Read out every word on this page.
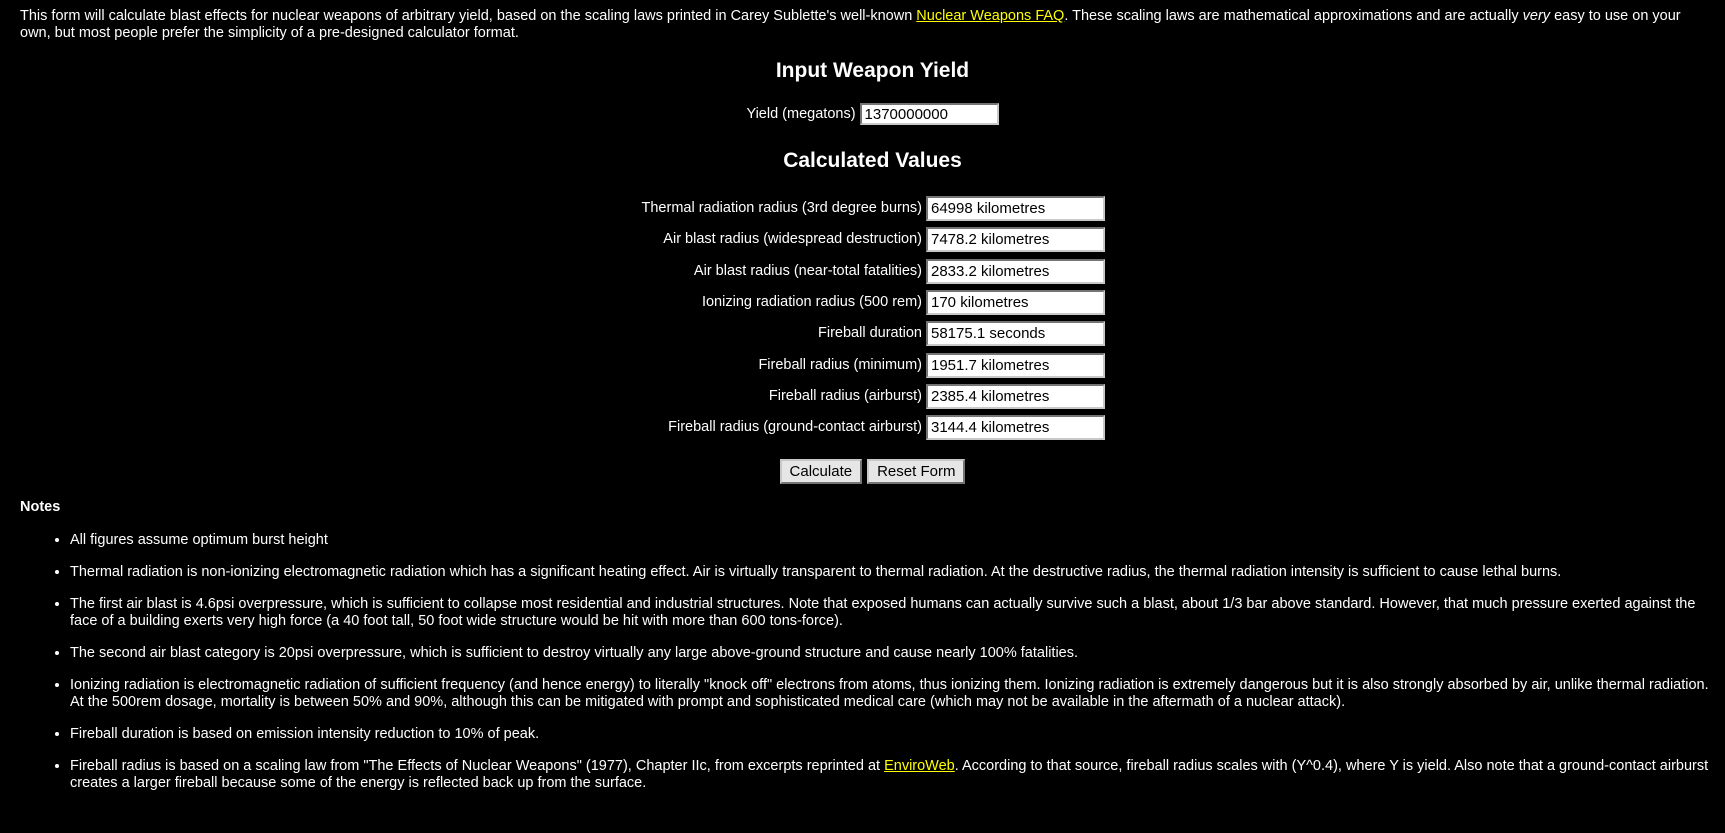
This form will calculate blast effects for nuclear weapons of arbitrary yield, based on the scaling laws printed in Carey Sublette's well-known Nuclear Weapons FAQ. These scaling laws are mathematical approximations and are actually very easy to use on your own, but most people prefer the simplicity of a pre-designed calculator format.

Input Weapon Yield
Yield (megatons)
1370000000
Calculated Values
Thermal radiation radius (3rd degree burns)
64998 kilometres
Air blast radius (widespread destruction)
7478.2 kilometres
Air blast radius (near-total fatalities)
2833.2 kilometres
Ionizing radiation radius (500 rem)
170 kilometres
Fireball duration
58175.1 seconds
Fireball radius (minimum)
1951.7 kilometres
Fireball radius (airburst)
2385.4 kilometres
Fireball radius (ground-contact airburst)
3144.4 kilometres
Calculate	Reset Form

Notes

• All figures assume optimum burst height
• Thermal radiation is non-ionizing electromagnetic radiation which has a significant heating effect. Air is virtually transparent to thermal radiation. At the destructive radius, the thermal radiation intensity is sufficient to cause lethal burns.
• The first air blast is 4.6psi overpressure, which is sufficient to collapse most residential and industrial structures. Note that exposed humans can actually survive such a blast, about 1/3 bar above standard. However, that much pressure exerted against the face of a building exerts very high force (a 40 foot tall, 50 foot wide structure would be hit with more than 600 tons-force).
• The second air blast category is 20psi overpressure, which is sufficient to destroy virtually any large above-ground structure and cause nearly 100% fatalities.
• Ionizing radiation is electromagnetic radiation of sufficient frequency (and hence energy) to literally "knock off" electrons from atoms, thus ionizing them. Ionizing radiation is extremely dangerous but it is also strongly absorbed by air, unlike thermal radiation. At the 500rem dosage, mortality is between 50% and 90%, although this can be mitigated with prompt and sophisticated medical care (which may not be available in the aftermath of a nuclear attack).
• Fireball duration is based on emission intensity reduction to 10% of peak.
• Fireball radius is based on a scaling law from "The Effects of Nuclear Weapons" (1977), Chapter IIc, from excerpts reprinted at EnviroWeb. According to that source, fireball radius scales with (Y^0.4), where Y is yield. Also note that a ground-contact airburst creates a larger fireball because some of the energy is reflected back up from the surface.
